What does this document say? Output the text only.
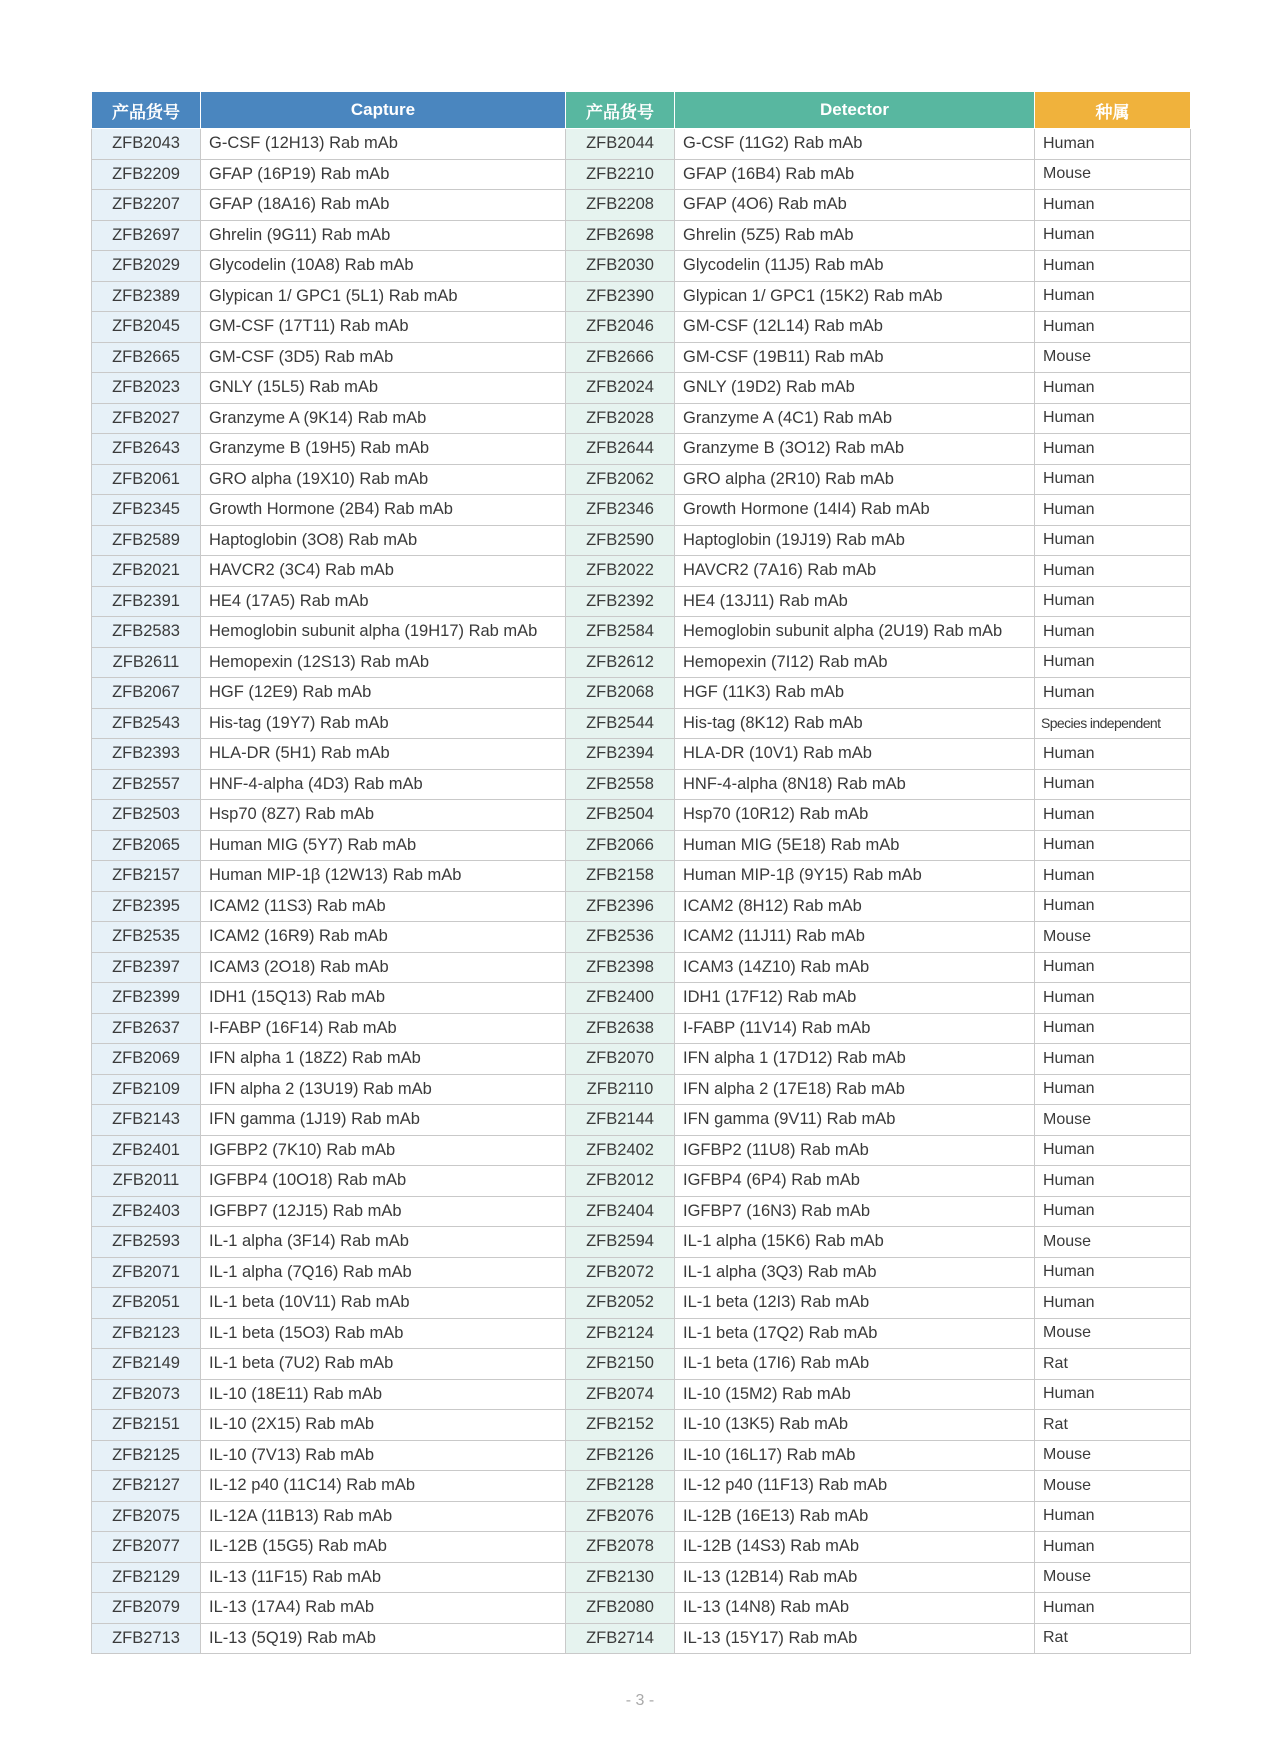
产品货号	Capture	产品货号	Detector	种属
ZFB2043	G-CSF (12H13) Rab mAb	ZFB2044	G-CSF (11G2) Rab mAb	Human
ZFB2209	GFAP (16P19) Rab mAb	ZFB2210	GFAP (16B4) Rab mAb	Mouse
ZFB2207	GFAP (18A16) Rab mAb	ZFB2208	GFAP (4O6) Rab mAb	Human
ZFB2697	Ghrelin (9G11) Rab mAb	ZFB2698	Ghrelin (5Z5) Rab mAb	Human
ZFB2029	Glycodelin (10A8) Rab mAb	ZFB2030	Glycodelin (11J5) Rab mAb	Human
ZFB2389	Glypican 1/ GPC1 (5L1) Rab mAb	ZFB2390	Glypican 1/ GPC1 (15K2) Rab mAb	Human
ZFB2045	GM-CSF (17T11) Rab mAb	ZFB2046	GM-CSF (12L14) Rab mAb	Human
ZFB2665	GM-CSF (3D5) Rab mAb	ZFB2666	GM-CSF (19B11) Rab mAb	Mouse
ZFB2023	GNLY (15L5) Rab mAb	ZFB2024	GNLY (19D2) Rab mAb	Human
ZFB2027	Granzyme A (9K14) Rab mAb	ZFB2028	Granzyme A (4C1) Rab mAb	Human
ZFB2643	Granzyme B (19H5) Rab mAb	ZFB2644	Granzyme B (3O12) Rab mAb	Human
ZFB2061	GRO alpha (19X10) Rab mAb	ZFB2062	GRO alpha (2R10) Rab mAb	Human
ZFB2345	Growth Hormone (2B4) Rab mAb	ZFB2346	Growth Hormone (14I4) Rab mAb	Human
ZFB2589	Haptoglobin (3O8) Rab mAb	ZFB2590	Haptoglobin (19J19) Rab mAb	Human
ZFB2021	HAVCR2 (3C4) Rab mAb	ZFB2022	HAVCR2 (7A16) Rab mAb	Human
ZFB2391	HE4 (17A5) Rab mAb	ZFB2392	HE4 (13J11) Rab mAb	Human
ZFB2583	Hemoglobin subunit alpha (19H17) Rab mAb	ZFB2584	Hemoglobin subunit alpha (2U19) Rab mAb	Human
ZFB2611	Hemopexin (12S13) Rab mAb	ZFB2612	Hemopexin (7I12) Rab mAb	Human
ZFB2067	HGF (12E9) Rab mAb	ZFB2068	HGF (11K3) Rab mAb	Human
ZFB2543	His-tag (19Y7) Rab mAb	ZFB2544	His-tag (8K12) Rab mAb	Species independent
ZFB2393	HLA-DR (5H1) Rab mAb	ZFB2394	HLA-DR (10V1) Rab mAb	Human
ZFB2557	HNF-4-alpha (4D3) Rab mAb	ZFB2558	HNF-4-alpha (8N18) Rab mAb	Human
ZFB2503	Hsp70 (8Z7) Rab mAb	ZFB2504	Hsp70 (10R12) Rab mAb	Human
ZFB2065	Human MIG (5Y7) Rab mAb	ZFB2066	Human MIG (5E18) Rab mAb	Human
ZFB2157	Human MIP-1β (12W13) Rab mAb	ZFB2158	Human MIP-1β (9Y15) Rab mAb	Human
ZFB2395	ICAM2 (11S3) Rab mAb	ZFB2396	ICAM2 (8H12) Rab mAb	Human
ZFB2535	ICAM2 (16R9) Rab mAb	ZFB2536	ICAM2 (11J11) Rab mAb	Mouse
ZFB2397	ICAM3 (2O18) Rab mAb	ZFB2398	ICAM3 (14Z10) Rab mAb	Human
ZFB2399	IDH1 (15Q13) Rab mAb	ZFB2400	IDH1 (17F12) Rab mAb	Human
ZFB2637	I-FABP (16F14) Rab mAb	ZFB2638	I-FABP (11V14) Rab mAb	Human
ZFB2069	IFN alpha 1 (18Z2) Rab mAb	ZFB2070	IFN alpha 1 (17D12) Rab mAb	Human
ZFB2109	IFN alpha 2 (13U19) Rab mAb	ZFB2110	IFN alpha 2 (17E18) Rab mAb	Human
ZFB2143	IFN gamma (1J19) Rab mAb	ZFB2144	IFN gamma (9V11) Rab mAb	Mouse
ZFB2401	IGFBP2 (7K10) Rab mAb	ZFB2402	IGFBP2 (11U8) Rab mAb	Human
ZFB2011	IGFBP4 (10O18) Rab mAb	ZFB2012	IGFBP4 (6P4) Rab mAb	Human
ZFB2403	IGFBP7 (12J15) Rab mAb	ZFB2404	IGFBP7 (16N3) Rab mAb	Human
ZFB2593	IL-1 alpha (3F14) Rab mAb	ZFB2594	IL-1 alpha (15K6) Rab mAb	Mouse
ZFB2071	IL-1 alpha (7Q16) Rab mAb	ZFB2072	IL-1 alpha (3Q3) Rab mAb	Human
ZFB2051	IL-1 beta (10V11) Rab mAb	ZFB2052	IL-1 beta (12I3) Rab mAb	Human
ZFB2123	IL-1 beta (15O3) Rab mAb	ZFB2124	IL-1 beta (17Q2) Rab mAb	Mouse
ZFB2149	IL-1 beta (7U2) Rab mAb	ZFB2150	IL-1 beta (17I6) Rab mAb	Rat
ZFB2073	IL-10 (18E11) Rab mAb	ZFB2074	IL-10 (15M2) Rab mAb	Human
ZFB2151	IL-10 (2X15) Rab mAb	ZFB2152	IL-10 (13K5) Rab mAb	Rat
ZFB2125	IL-10 (7V13) Rab mAb	ZFB2126	IL-10 (16L17) Rab mAb	Mouse
ZFB2127	IL-12 p40 (11C14) Rab mAb	ZFB2128	IL-12 p40 (11F13) Rab mAb	Mouse
ZFB2075	IL-12A (11B13) Rab mAb	ZFB2076	IL-12B (16E13) Rab mAb	Human
ZFB2077	IL-12B (15G5) Rab mAb	ZFB2078	IL-12B (14S3) Rab mAb	Human
ZFB2129	IL-13 (11F15) Rab mAb	ZFB2130	IL-13 (12B14) Rab mAb	Mouse
ZFB2079	IL-13 (17A4) Rab mAb	ZFB2080	IL-13 (14N8) Rab mAb	Human
ZFB2713	IL-13 (5Q19) Rab mAb	ZFB2714	IL-13 (15Y17) Rab mAb	Rat
- 3 -
